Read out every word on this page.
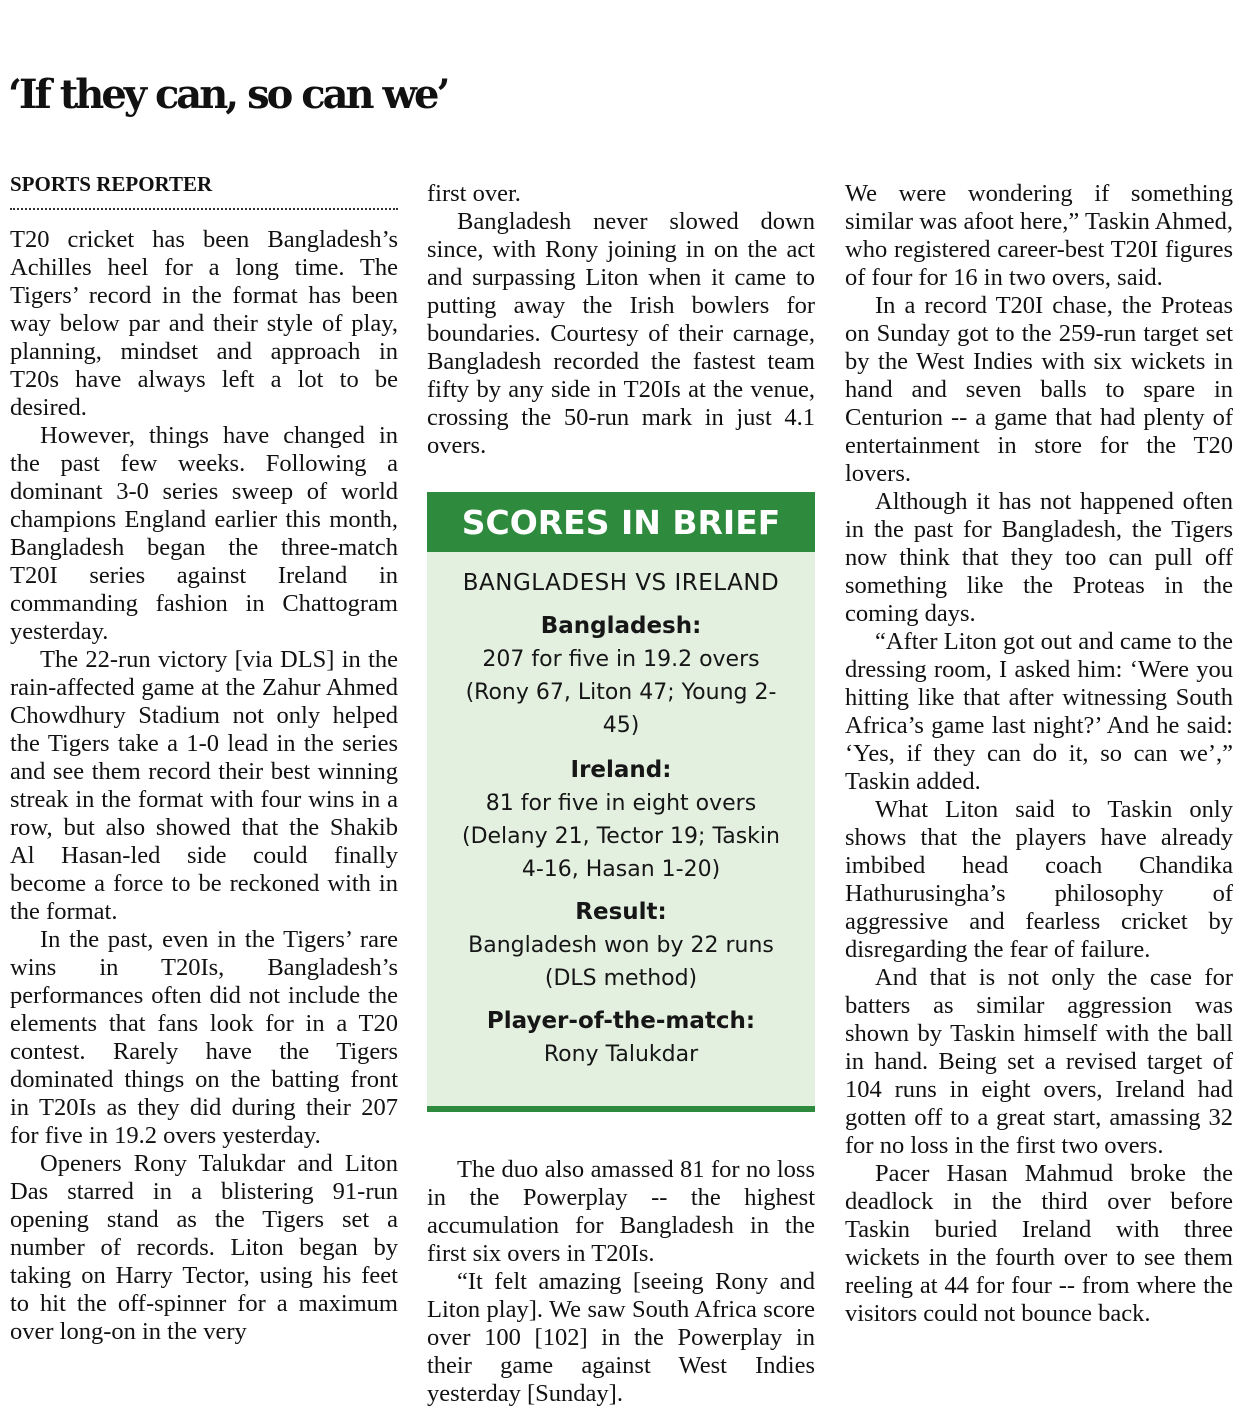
‘If they can, so can we’
SPORTS REPORTER

T20 cricket has been Bangladesh’s Achilles heel for a long time. The Tigers’ record in the format has been way below par and their style of play, planning, mindset and approach in T20s have always left a lot to be desired.

However, things have changed in the past few weeks. Following a dominant 3-0 series sweep of world champions England earlier this month, Bangladesh began the three-match T20I series against Ireland in commanding fashion in Chattogram yesterday.

The 22-run victory [via DLS] in the rain-affected game at the Zahur Ahmed Chowdhury Stadium not only helped the Tigers take a 1-0 lead in the series and see them record their best winning streak in the format with four wins in a row, but also showed that the Shakib Al Hasan-led side could finally become a force to be reckoned with in the format.

In the past, even in the Tigers’ rare wins in T20Is, Bangladesh’s performances often did not include the elements that fans look for in a T20 contest. Rarely have the Tigers dominated things on the batting front in T20Is as they did during their 207 for five in 19.2 overs yesterday.

Openers Rony Talukdar and Liton Das starred in a blistering 91-run opening stand as the Tigers set a number of records. Liton began by taking on Harry Tector, using his feet to hit the off-spinner for a maximum over long-on in the very

first over.

Bangladesh never slowed down since, with Rony joining in on the act and surpassing Liton when it came to putting away the Irish bowlers for boundaries. Courtesy of their carnage, Bangladesh recorded the fastest team fifty by any side in T20Is at the venue, crossing the 50-run mark in just 4.1 overs.

SCORES IN BRIEF
BANGLADESH VS IRELAND
Bangladesh:
207 for five in 19.2 overs (Rony 67, Liton 47; Young 2-45)
Ireland:
81 for five in eight overs (Delany 21, Tector 19; Taskin 4-16, Hasan 1-20)
Result:
Bangladesh won by 22 runs (DLS method)
Player-of-the-match:
Rony Talukdar

The duo also amassed 81 for no loss in the Powerplay -- the highest accumulation for Bangladesh in the first six overs in T20Is.

“It felt amazing [seeing Rony and Liton play]. We saw South Africa score over 100 [102] in the Powerplay in their game against West Indies yesterday [Sunday].

We were wondering if something similar was afoot here,” Taskin Ahmed, who registered career-best T20I figures of four for 16 in two overs, said.

In a record T20I chase, the Proteas on Sunday got to the 259-run target set by the West Indies with six wickets in hand and seven balls to spare in Centurion -- a game that had plenty of entertainment in store for the T20 lovers.

Although it has not happened often in the past for Bangladesh, the Tigers now think that they too can pull off something like the Proteas in the coming days.

“After Liton got out and came to the dressing room, I asked him: ‘Were you hitting like that after witnessing South Africa’s game last night?’ And he said: ‘Yes, if they can do it, so can we’,” Taskin added.

What Liton said to Taskin only shows that the players have already imbibed head coach Chandika Hathurusingha’s philosophy of aggressive and fearless cricket by disregarding the fear of failure.

And that is not only the case for batters as similar aggression was shown by Taskin himself with the ball in hand. Being set a revised target of 104 runs in eight overs, Ireland had gotten off to a great start, amassing 32 for no loss in the first two overs.

Pacer Hasan Mahmud broke the deadlock in the third over before Taskin buried Ireland with three wickets in the fourth over to see them reeling at 44 for four -- from where the visitors could not bounce back.
